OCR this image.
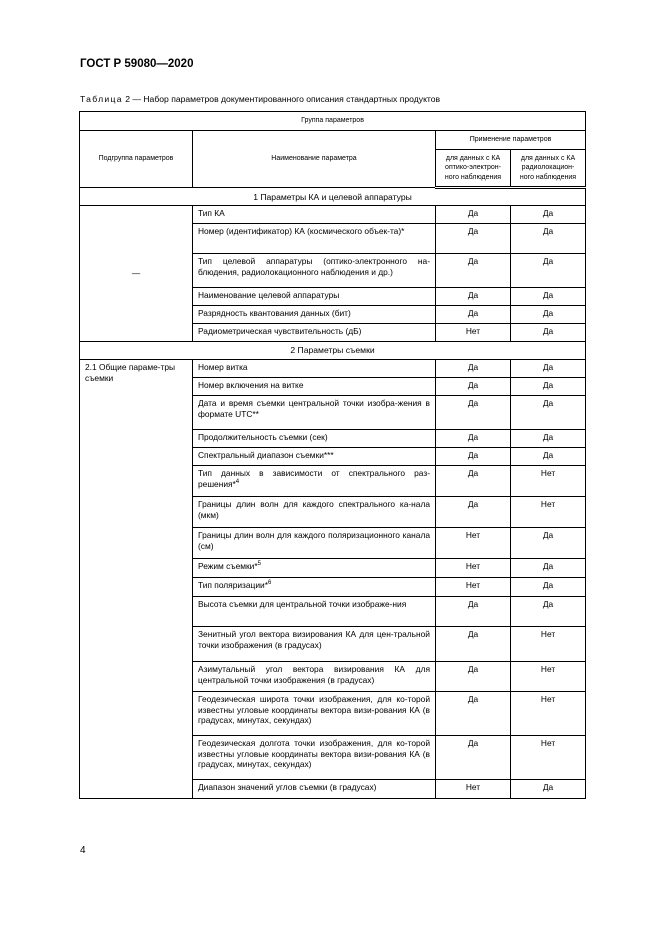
ГОСТ Р 59080—2020
Таблица 2 — Набор параметров документированного описания стандартных продуктов
Группа параметров			
Подгруппа параметров	Наименование параметра	Применение параметров	
		для данных с КА оптико-электрон-ного наблюдения	для данных с КА радиолокацион-ного наблюдения
1 Параметры КА и целевой аппаратуры			
—	Тип КА	Да	Да
	Номер (идентификатор) КА (космического объек-та)*	Да	Да
	Тип целевой аппаратуры (оптико-электронного на-блюдения, радиолокационного наблюдения и др.)	Да	Да
	Наименование целевой аппаратуры	Да	Да
	Разрядность квантования данных (бит)	Да	Да
	Радиометрическая чувствительность (дБ)	Нет	Да
2 Параметры съемки			
2.1 Общие параме-тры съемки	Номер витка	Да	Да
	Номер включения на витке	Да	Да
	Дата и время съемки центральной точки изобра-жения в формате UTC**	Да	Да
	Продолжительность съемки (сек)	Да	Да
	Спектральный диапазон съемки***	Да	Да
	Тип данных в зависимости от спектрального раз-решения*$^4$	Да	Нет
	Границы длин волн для каждого спектрального ка-нала (мкм)	Да	Нет
	Границы длин волн для каждого поляризационного канала (см)	Нет	Да
	Режим съемки*$^5$	Нет	Да
	Тип поляризации*$^6$	Нет	Да
	Высота съемки для центральной точки изображе-ния	Да	Да
	Зенитный угол вектора визирования КА для цен-тральной точки изображения (в градусах)	Да	Нет
	Азимутальный угол вектора визирования КА для центральной точки изображения (в градусах)	Да	Нет
	Геодезическая широта точки изображения, для ко-торой известны угловые координаты вектора визи-рования КА (в градусах, минутах, секундах)	Да	Нет
	Геодезическая долгота точки изображения, для ко-торой известны угловые координаты вектора визи-рования КА (в градусах, минутах, секундах)	Да	Нет
	Диапазон значений углов съемки (в градусах)	Нет	Да
4
